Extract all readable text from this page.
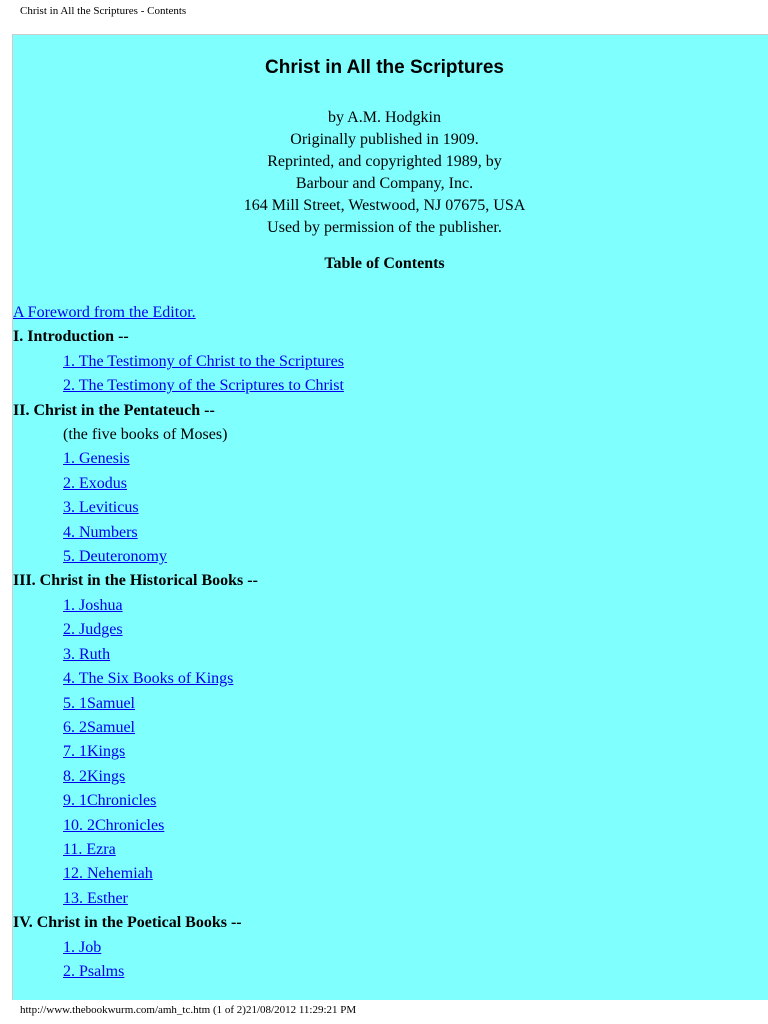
Christ in All the Scriptures - Contents
Christ in All the Scriptures
by A.M. Hodgkin
Originally published in 1909.
Reprinted, and copyrighted 1989, by
Barbour and Company, Inc.
164 Mill Street, Westwood, NJ 07675, USA
Used by permission of the publisher.
Table of Contents
A Foreword from the Editor.
I. Introduction --
1. The Testimony of Christ to the Scriptures
2. The Testimony of the Scriptures to Christ
II. Christ in the Pentateuch --
(the five books of Moses)
1. Genesis
2. Exodus
3. Leviticus
4. Numbers
5. Deuteronomy
III. Christ in the Historical Books --
1. Joshua
2. Judges
3. Ruth
4. The Six Books of Kings
5. 1Samuel
6. 2Samuel
7. 1Kings
8. 2Kings
9. 1Chronicles
10. 2Chronicles
11. Ezra
12. Nehemiah
13. Esther
IV. Christ in the Poetical Books --
1. Job
2. Psalms
http://www.thebookwurm.com/amh_tc.htm (1 of 2)21/08/2012 11:29:21 PM
